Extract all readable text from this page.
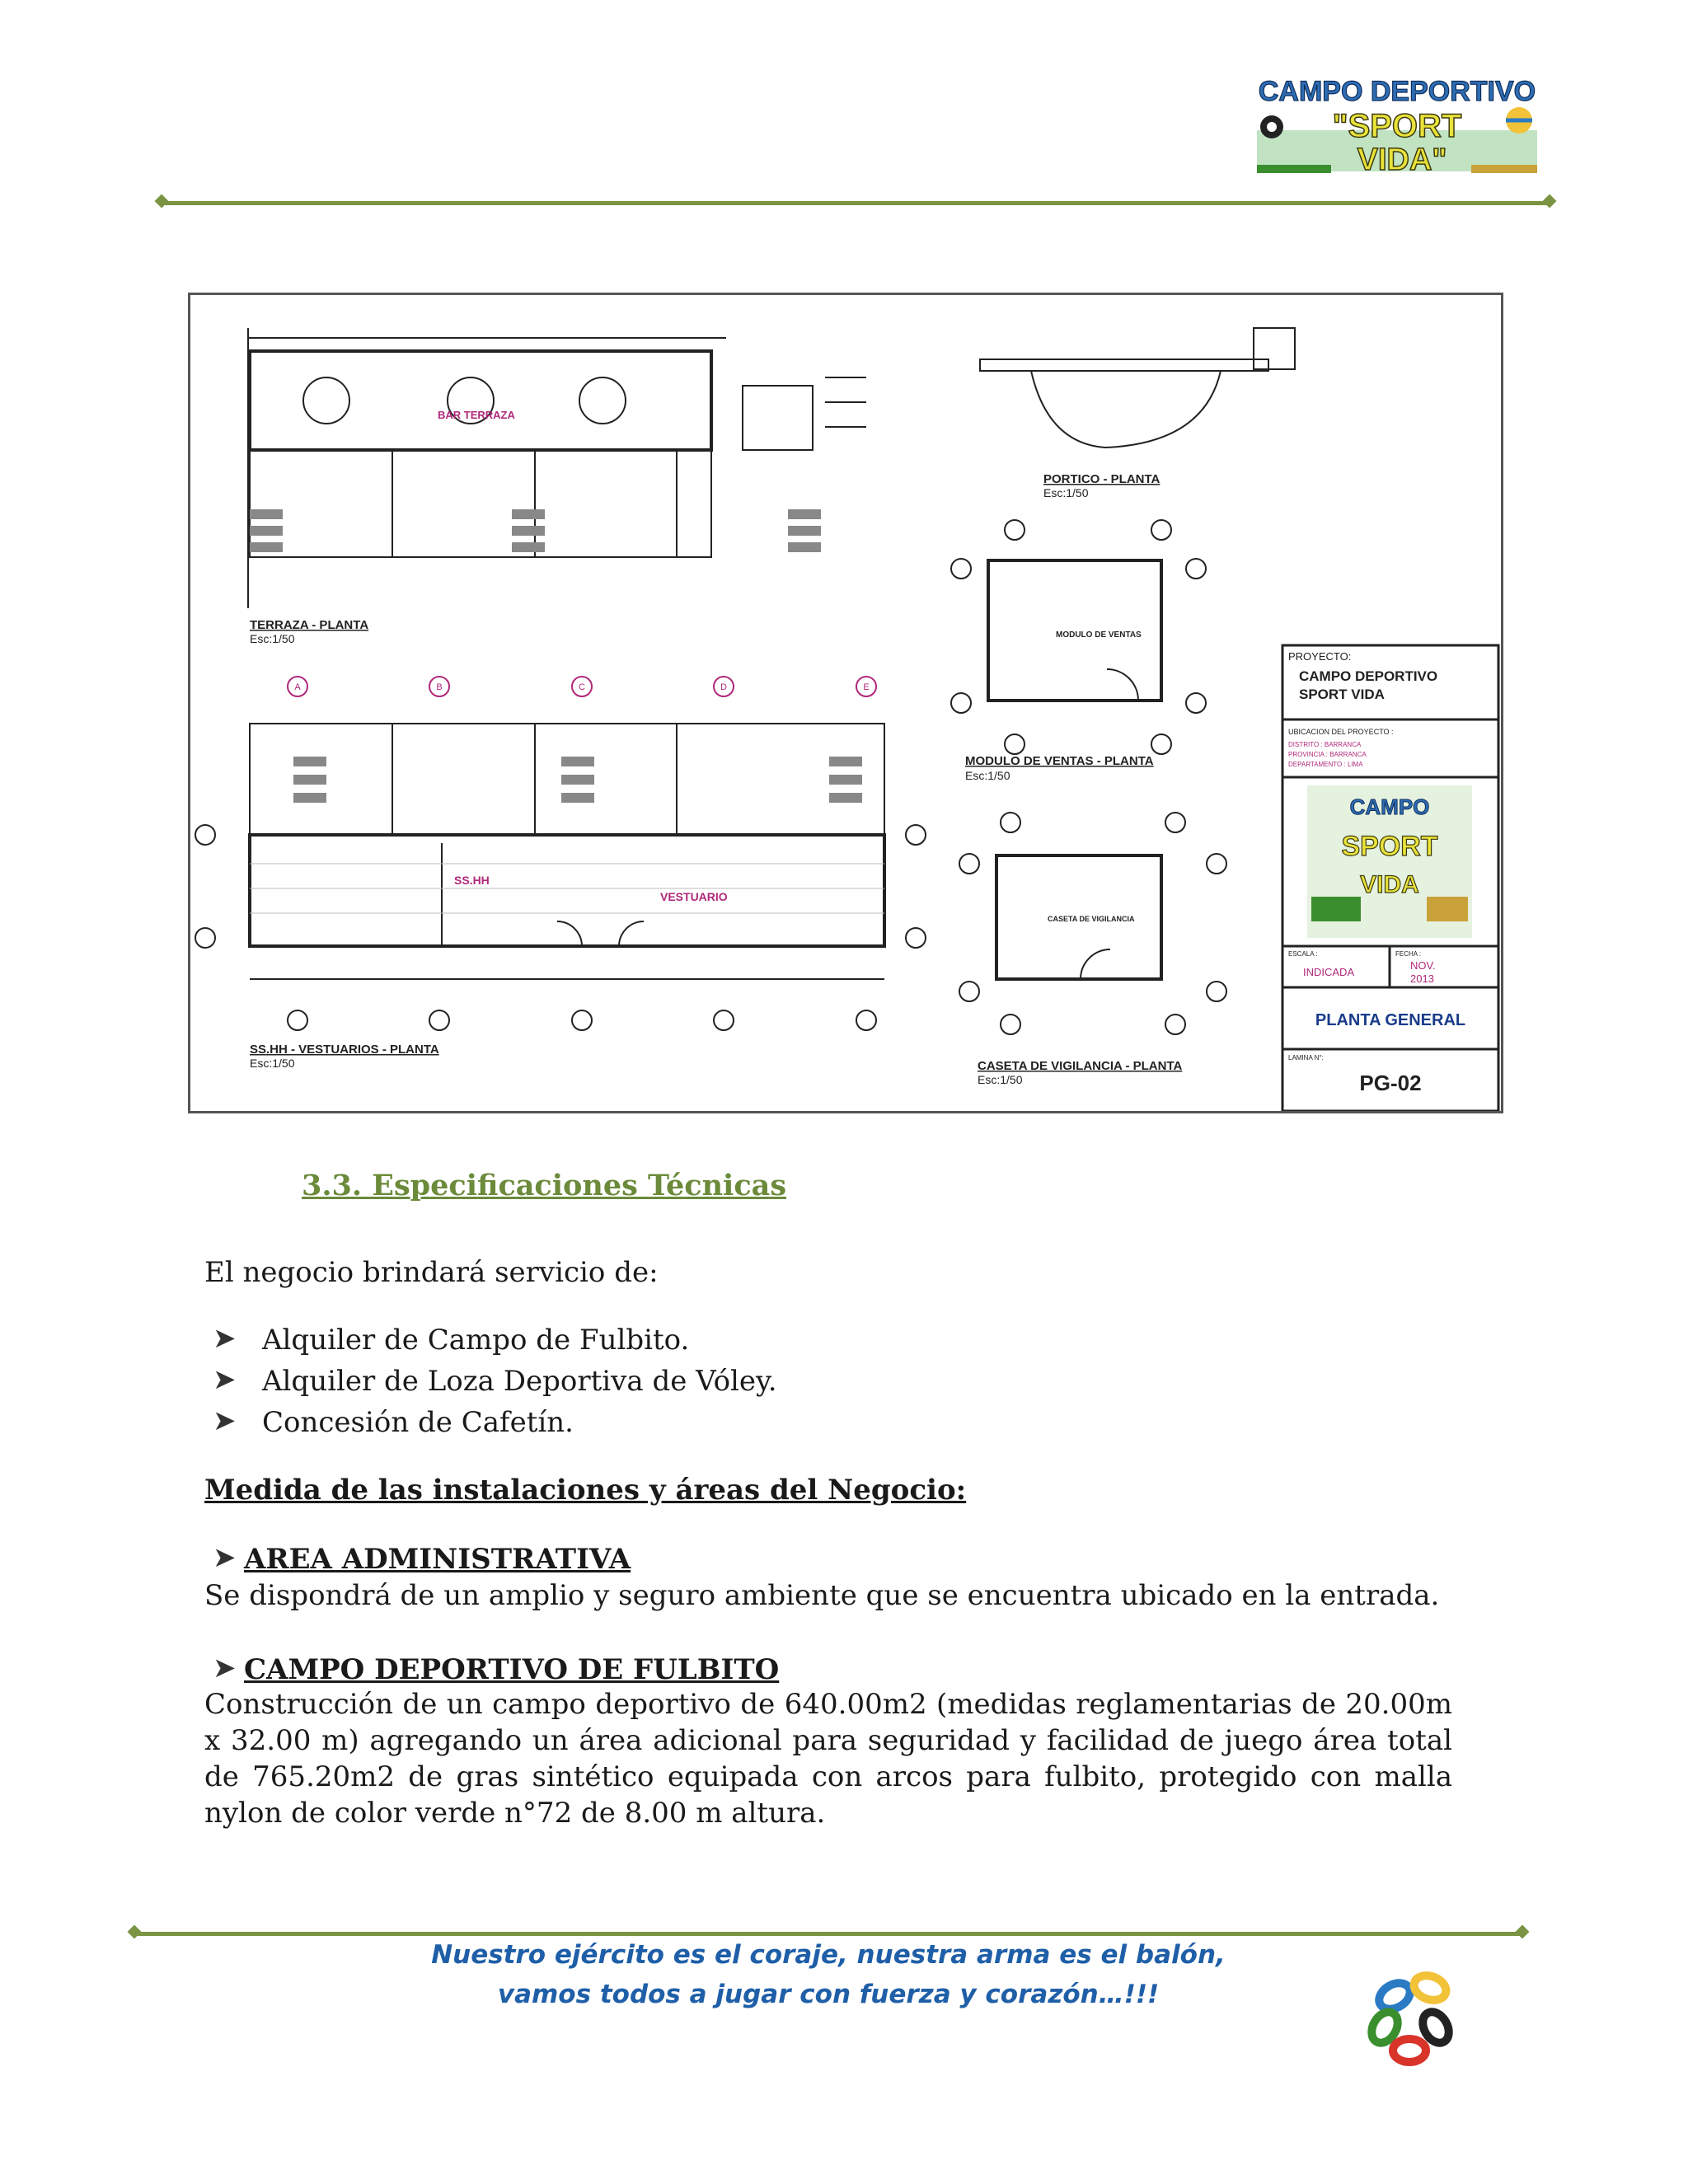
CAMPO DEPORTIVO
"SPORT
VIDA"
A	B	C	D	E
BAR TERRAZA
TERRAZA - PLANTA
Esc:1/50
PORTICO - PLANTA
Esc:1/50
MODULO DE VENTAS
MODULO DE VENTAS - PLANTA
Esc:1/50
SS.HH
VESTUARIO
SS.HH - VESTUARIOS - PLANTA
Esc:1/50
CASETA DE VIGILANCIA
CASETA DE VIGILANCIA - PLANTA
Esc:1/50
PROYECTO:
CAMPO DEPORTIVO
SPORT VIDA
UBICACION DEL PROYECTO :
DISTRITO : BARRANCA
PROVINCIA : BARRANCA
DEPARTAMENTO : LIMA
CAMPO
SPORT
VIDA
ESCALA :
INDICADA
FECHA :
NOV.
2013
PLANTA GENERAL
LAMINA N°:
PG-02
3.3. Especificaciones Técnicas
El negocio brindará servicio de:
➤ Alquiler de Campo de Fulbito.
➤ Alquiler de Loza Deportiva de Vóley.
➤ Concesión de Cafetín.
Medida de las instalaciones y áreas del Negocio:
➤ AREA ADMINISTRATIVA
Se dispondrá de un amplio y seguro ambiente que se encuentra ubicado en la entrada.
➤ CAMPO DEPORTIVO DE FULBITO
Construcción de un campo deportivo de 640.00m2 (medidas reglamentarias de 20.00m x 32.00 m) agregando un área adicional para seguridad y facilidad de juego área total de 765.20m2 de gras sintético equipada con arcos para fulbito, protegido con malla nylon de color verde n°72 de 8.00 m altura.
Nuestro ejército es el coraje, nuestra arma es el balón,
vamos todos a jugar con fuerza y corazón…!!!
